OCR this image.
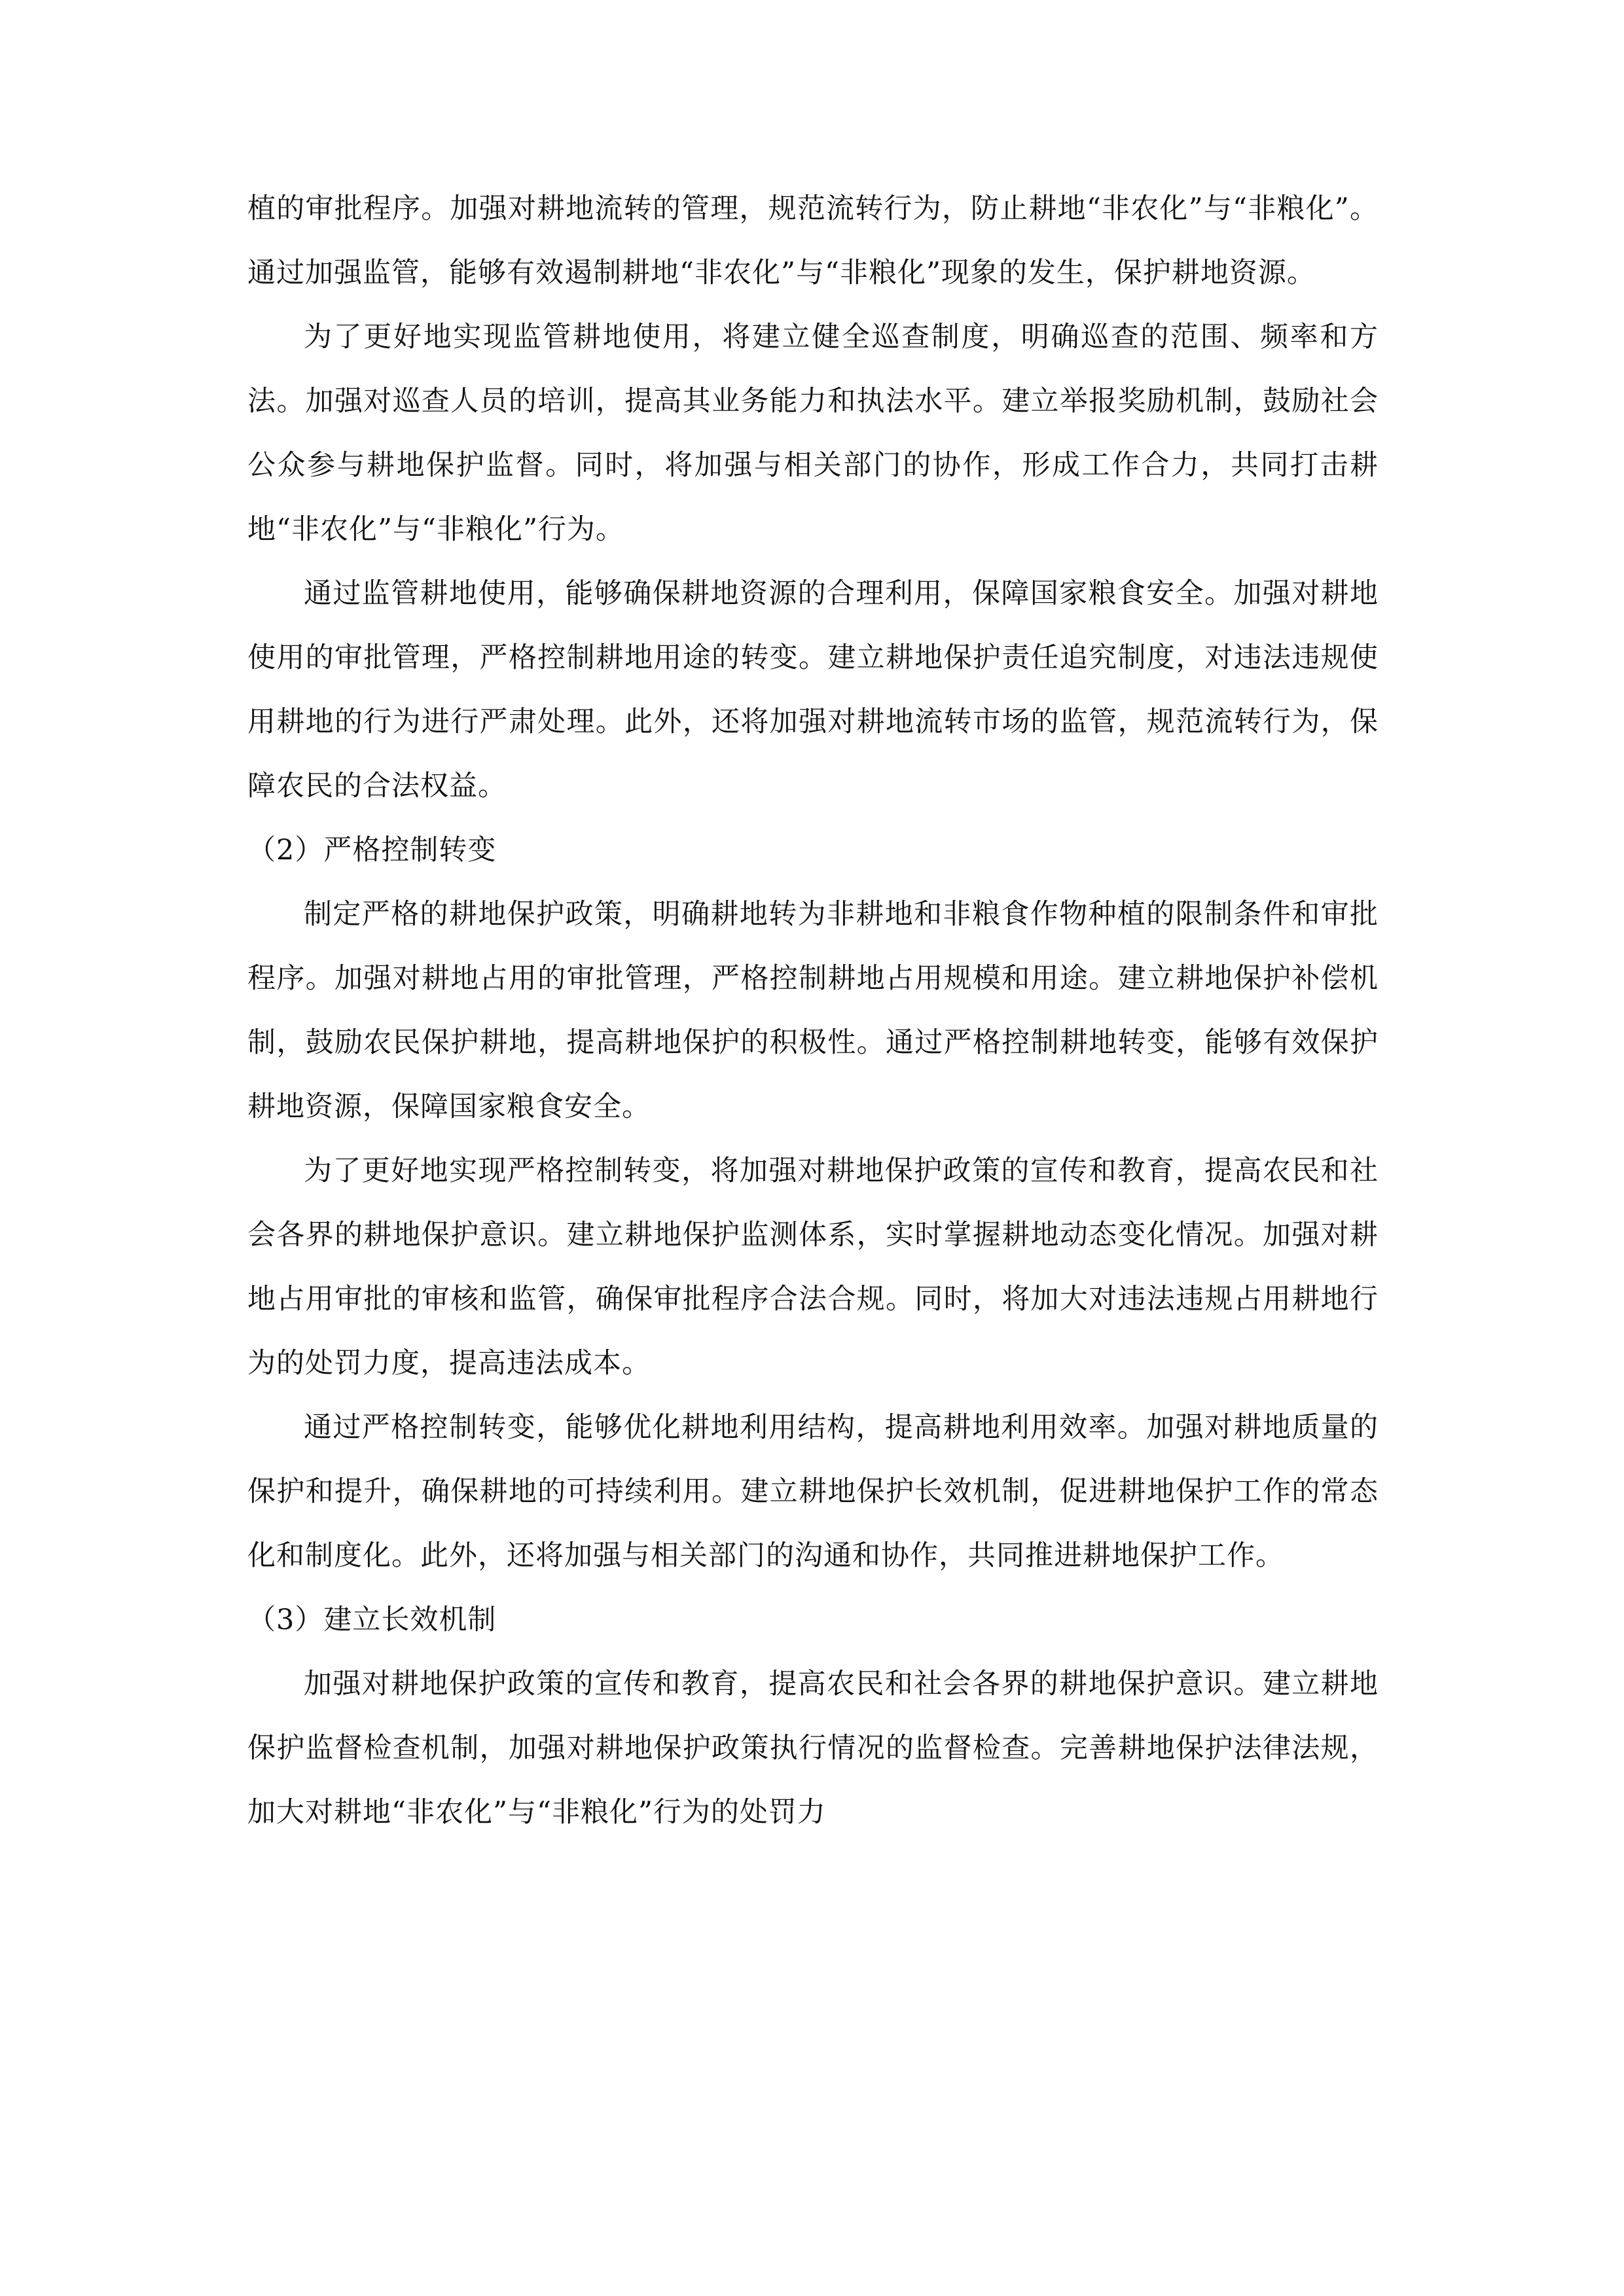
植的审批程序。加强对耕地流转的管理，规范流转行为，防止耕地“非农化”与“非粮化”。通过加强监管，能够有效遏制耕地“非农化”与“非粮化”现象的发生，保护耕地资源。

为了更好地实现监管耕地使用，将建立健全巡查制度，明确巡查的范围、频率和方法。加强对巡查人员的培训，提高其业务能力和执法水平。建立举报奖励机制，鼓励社会公众参与耕地保护监督。同时，将加强与相关部门的协作，形成工作合力，共同打击耕地“非农化”与“非粮化”行为。

通过监管耕地使用，能够确保耕地资源的合理利用，保障国家粮食安全。加强对耕地使用的审批管理，严格控制耕地用途的转变。建立耕地保护责任追究制度，对违法违规使用耕地的行为进行严肃处理。此外，还将加强对耕地流转市场的监管，规范流转行为，保障农民的合法权益。

（2）严格控制转变

制定严格的耕地保护政策，明确耕地转为非耕地和非粮食作物种植的限制条件和审批程序。加强对耕地占用的审批管理，严格控制耕地占用规模和用途。建立耕地保护补偿机制，鼓励农民保护耕地，提高耕地保护的积极性。通过严格控制耕地转变，能够有效保护耕地资源，保障国家粮食安全。

为了更好地实现严格控制转变，将加强对耕地保护政策的宣传和教育，提高农民和社会各界的耕地保护意识。建立耕地保护监测体系，实时掌握耕地动态变化情况。加强对耕地占用审批的审核和监管，确保审批程序合法合规。同时，将加大对违法违规占用耕地行为的处罚力度，提高违法成本。

通过严格控制转变，能够优化耕地利用结构，提高耕地利用效率。加强对耕地质量的保护和提升，确保耕地的可持续利用。建立耕地保护长效机制，促进耕地保护工作的常态化和制度化。此外，还将加强与相关部门的沟通和协作，共同推进耕地保护工作。

（3）建立长效机制

加强对耕地保护政策的宣传和教育，提高农民和社会各界的耕地保护意识。建立耕地保护监督检查机制，加强对耕地保护政策执行情况的监督检查。完善耕地保护法律法规，加大对耕地“非农化”与“非粮化”行为的处罚力
